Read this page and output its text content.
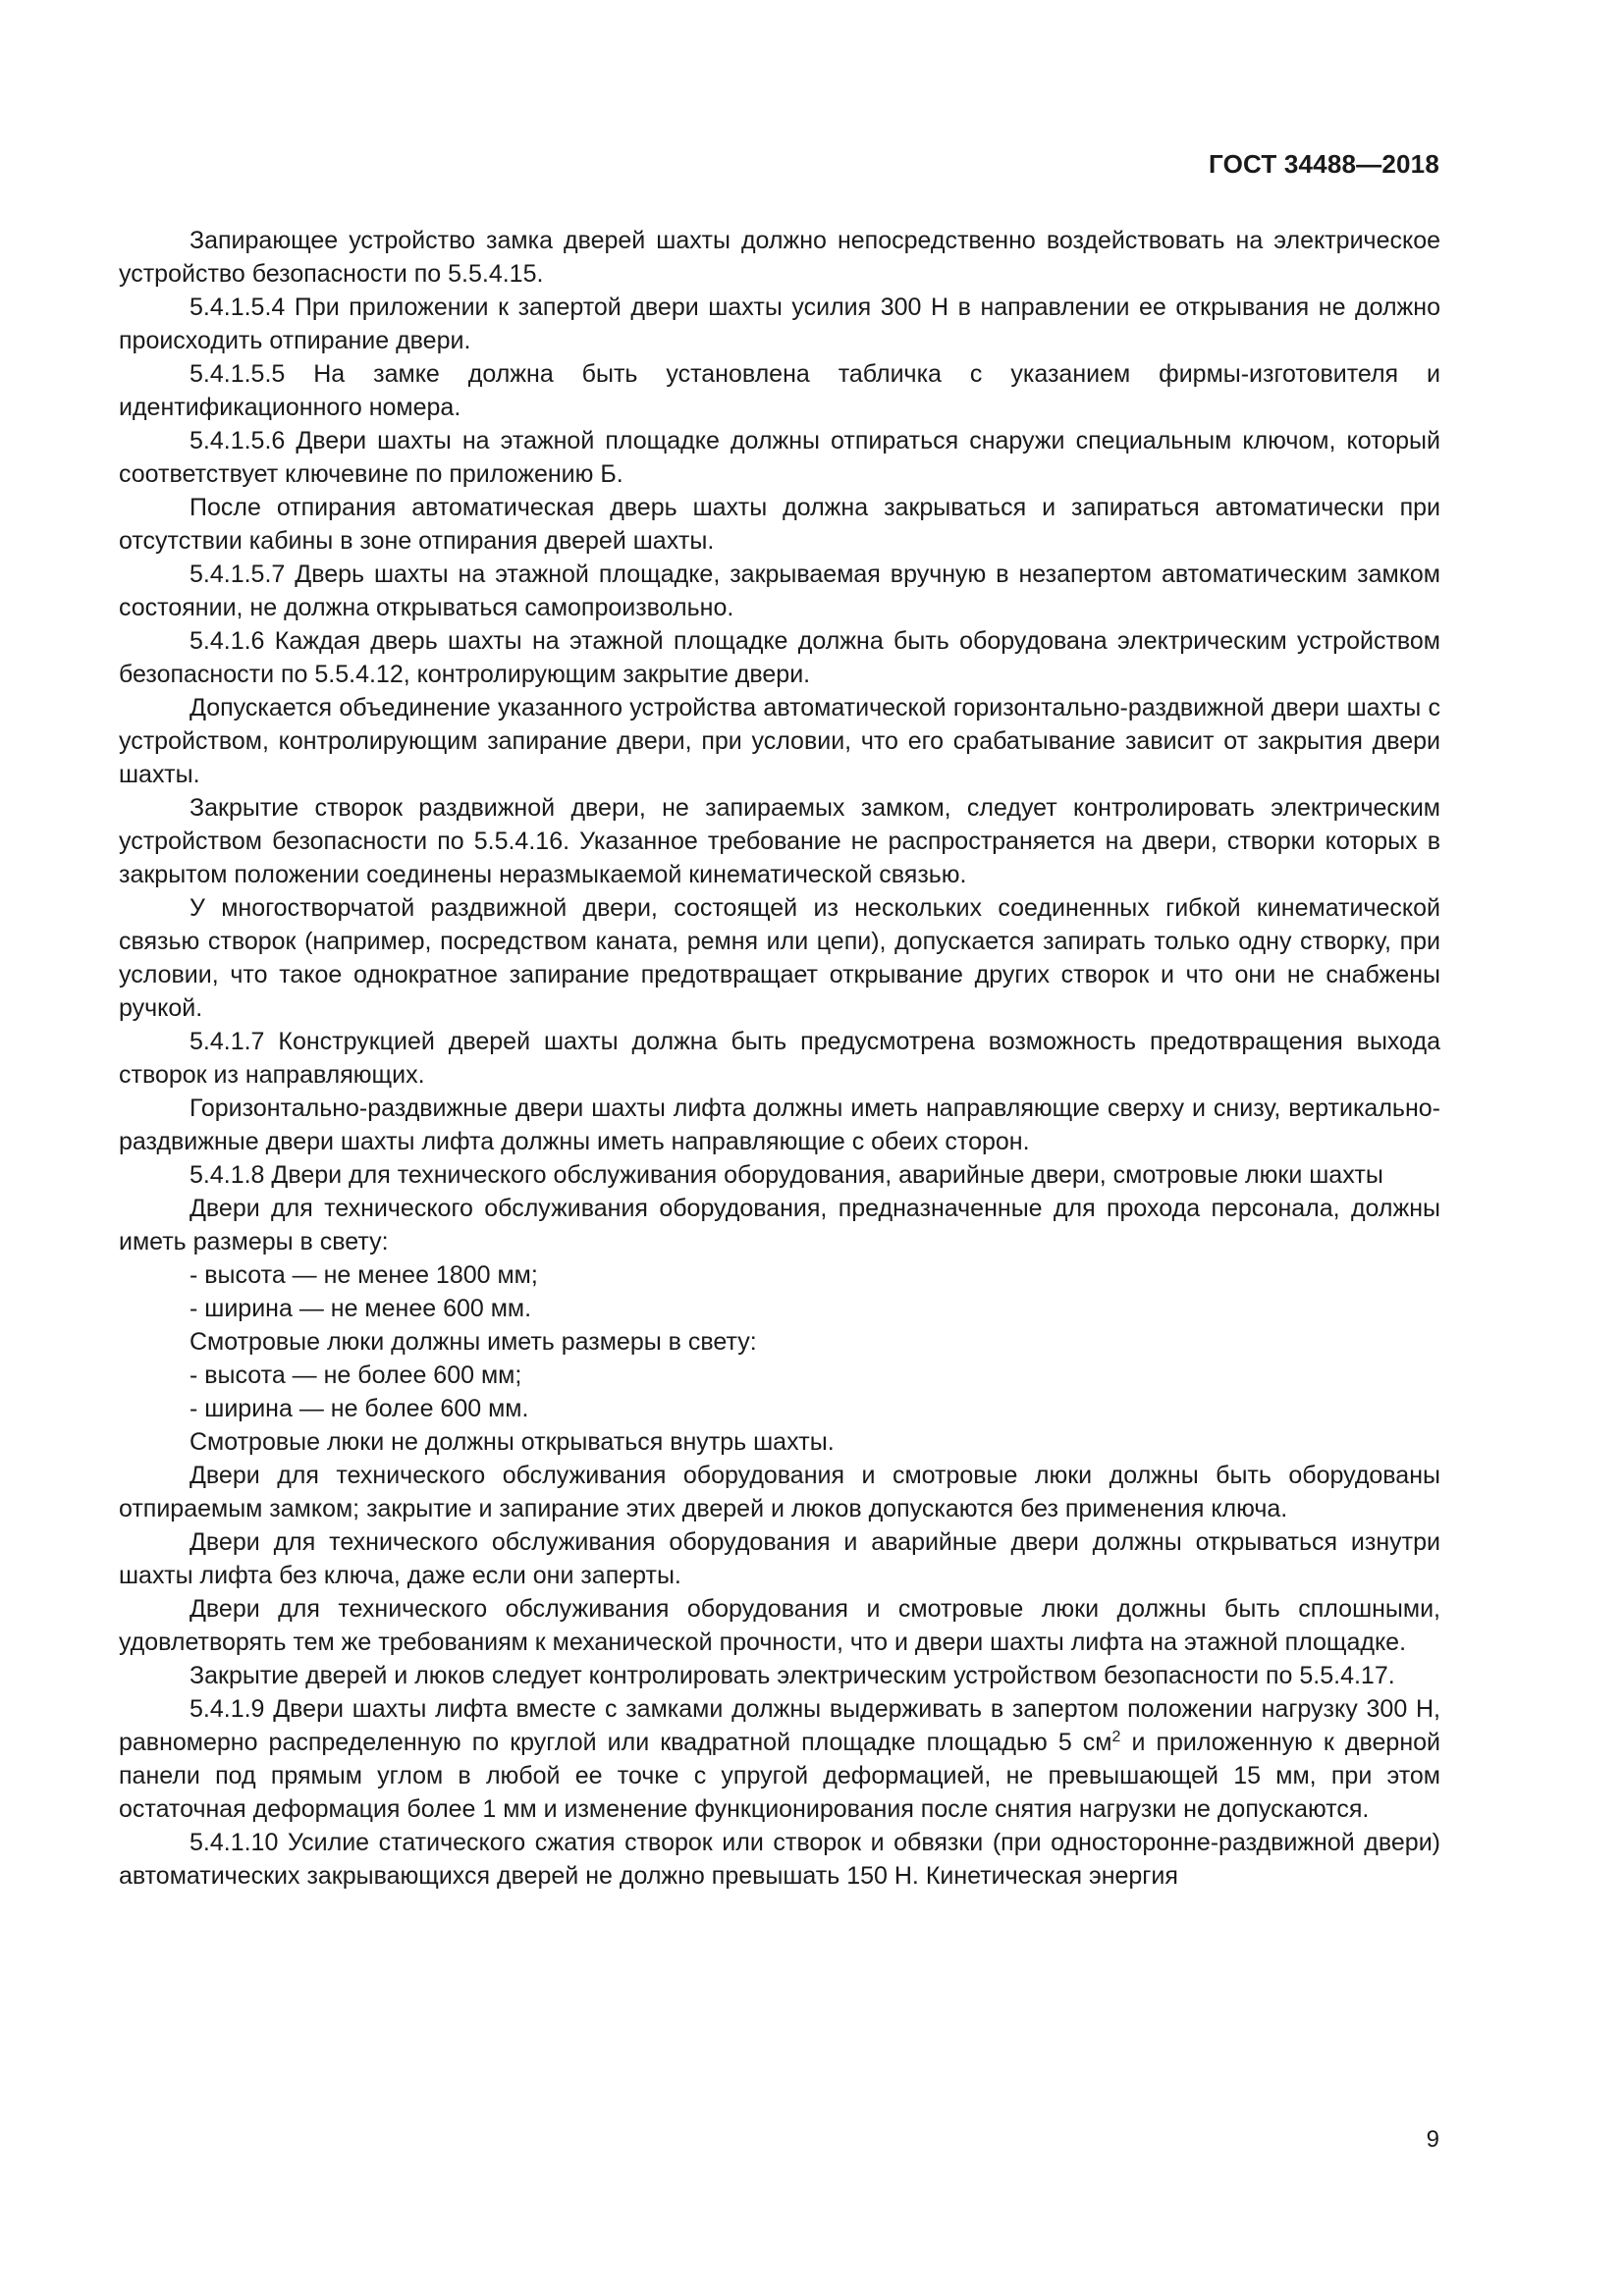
ГОСТ 34488—2018

Запирающее устройство замка дверей шахты должно непосредственно воздействовать на электрическое устройство безопасности по 5.5.4.15.

5.4.1.5.4 При приложении к запертой двери шахты усилия 300 Н в направлении ее открывания не должно происходить отпирание двери.

5.4.1.5.5 На замке должна быть установлена табличка с указанием фирмы-изготовителя и идентификационного номера.

5.4.1.5.6 Двери шахты на этажной площадке должны отпираться снаружи специальным ключом, который соответствует ключевине по приложению Б.

После отпирания автоматическая дверь шахты должна закрываться и запираться автоматически при отсутствии кабины в зоне отпирания дверей шахты.

5.4.1.5.7 Дверь шахты на этажной площадке, закрываемая вручную в незапертом автоматическим замком состоянии, не должна открываться самопроизвольно.

5.4.1.6 Каждая дверь шахты на этажной площадке должна быть оборудована электрическим устройством безопасности по 5.5.4.12, контролирующим закрытие двери.

Допускается объединение указанного устройства автоматической горизонтально-раздвижной двери шахты с устройством, контролирующим запирание двери, при условии, что его срабатывание зависит от закрытия двери шахты.

Закрытие створок раздвижной двери, не запираемых замком, следует контролировать электрическим устройством безопасности по 5.5.4.16. Указанное требование не распространяется на двери, створки которых в закрытом положении соединены неразмыкаемой кинематической связью.

У многостворчатой раздвижной двери, состоящей из нескольких соединенных гибкой кинематической связью створок (например, посредством каната, ремня или цепи), допускается запирать только одну створку, при условии, что такое однократное запирание предотвращает открывание других створок и что они не снабжены ручкой.

5.4.1.7 Конструкцией дверей шахты должна быть предусмотрена возможность предотвращения выхода створок из направляющих.

Горизонтально-раздвижные двери шахты лифта должны иметь направляющие сверху и снизу, вертикально-раздвижные двери шахты лифта должны иметь направляющие с обеих сторон.

5.4.1.8 Двери для технического обслуживания оборудования, аварийные двери, смотровые люки шахты

Двери для технического обслуживания оборудования, предназначенные для прохода персонала, должны иметь размеры в свету:

- высота — не менее 1800 мм;

- ширина — не менее 600 мм.

Смотровые люки должны иметь размеры в свету:

- высота — не более 600 мм;

- ширина — не более 600 мм.

Смотровые люки не должны открываться внутрь шахты.

Двери для технического обслуживания оборудования и смотровые люки должны быть оборудованы отпираемым замком; закрытие и запирание этих дверей и люков допускаются без применения ключа.

Двери для технического обслуживания оборудования и аварийные двери должны открываться изнутри шахты лифта без ключа, даже если они заперты.

Двери для технического обслуживания оборудования и смотровые люки должны быть сплошными, удовлетворять тем же требованиям к механической прочности, что и двери шахты лифта на этажной площадке.

Закрытие дверей и люков следует контролировать электрическим устройством безопасности по 5.5.4.17.

5.4.1.9 Двери шахты лифта вместе с замками должны выдерживать в запертом положении нагрузку 300 Н, равномерно распределенную по круглой или квадратной площадке площадью 5 $см^2$ и приложенную к дверной панели под прямым углом в любой ее точке с упругой деформацией, не превышающей 15 мм, при этом остаточная деформация более 1 мм и изменение функционирования после снятия нагрузки не допускаются.

5.4.1.10 Усилие статического сжатия створок или створок и обвязки (при односторонне-раздвижной двери) автоматических закрывающихся дверей не должно превышать 150 Н. Кинетическая энергия

9
